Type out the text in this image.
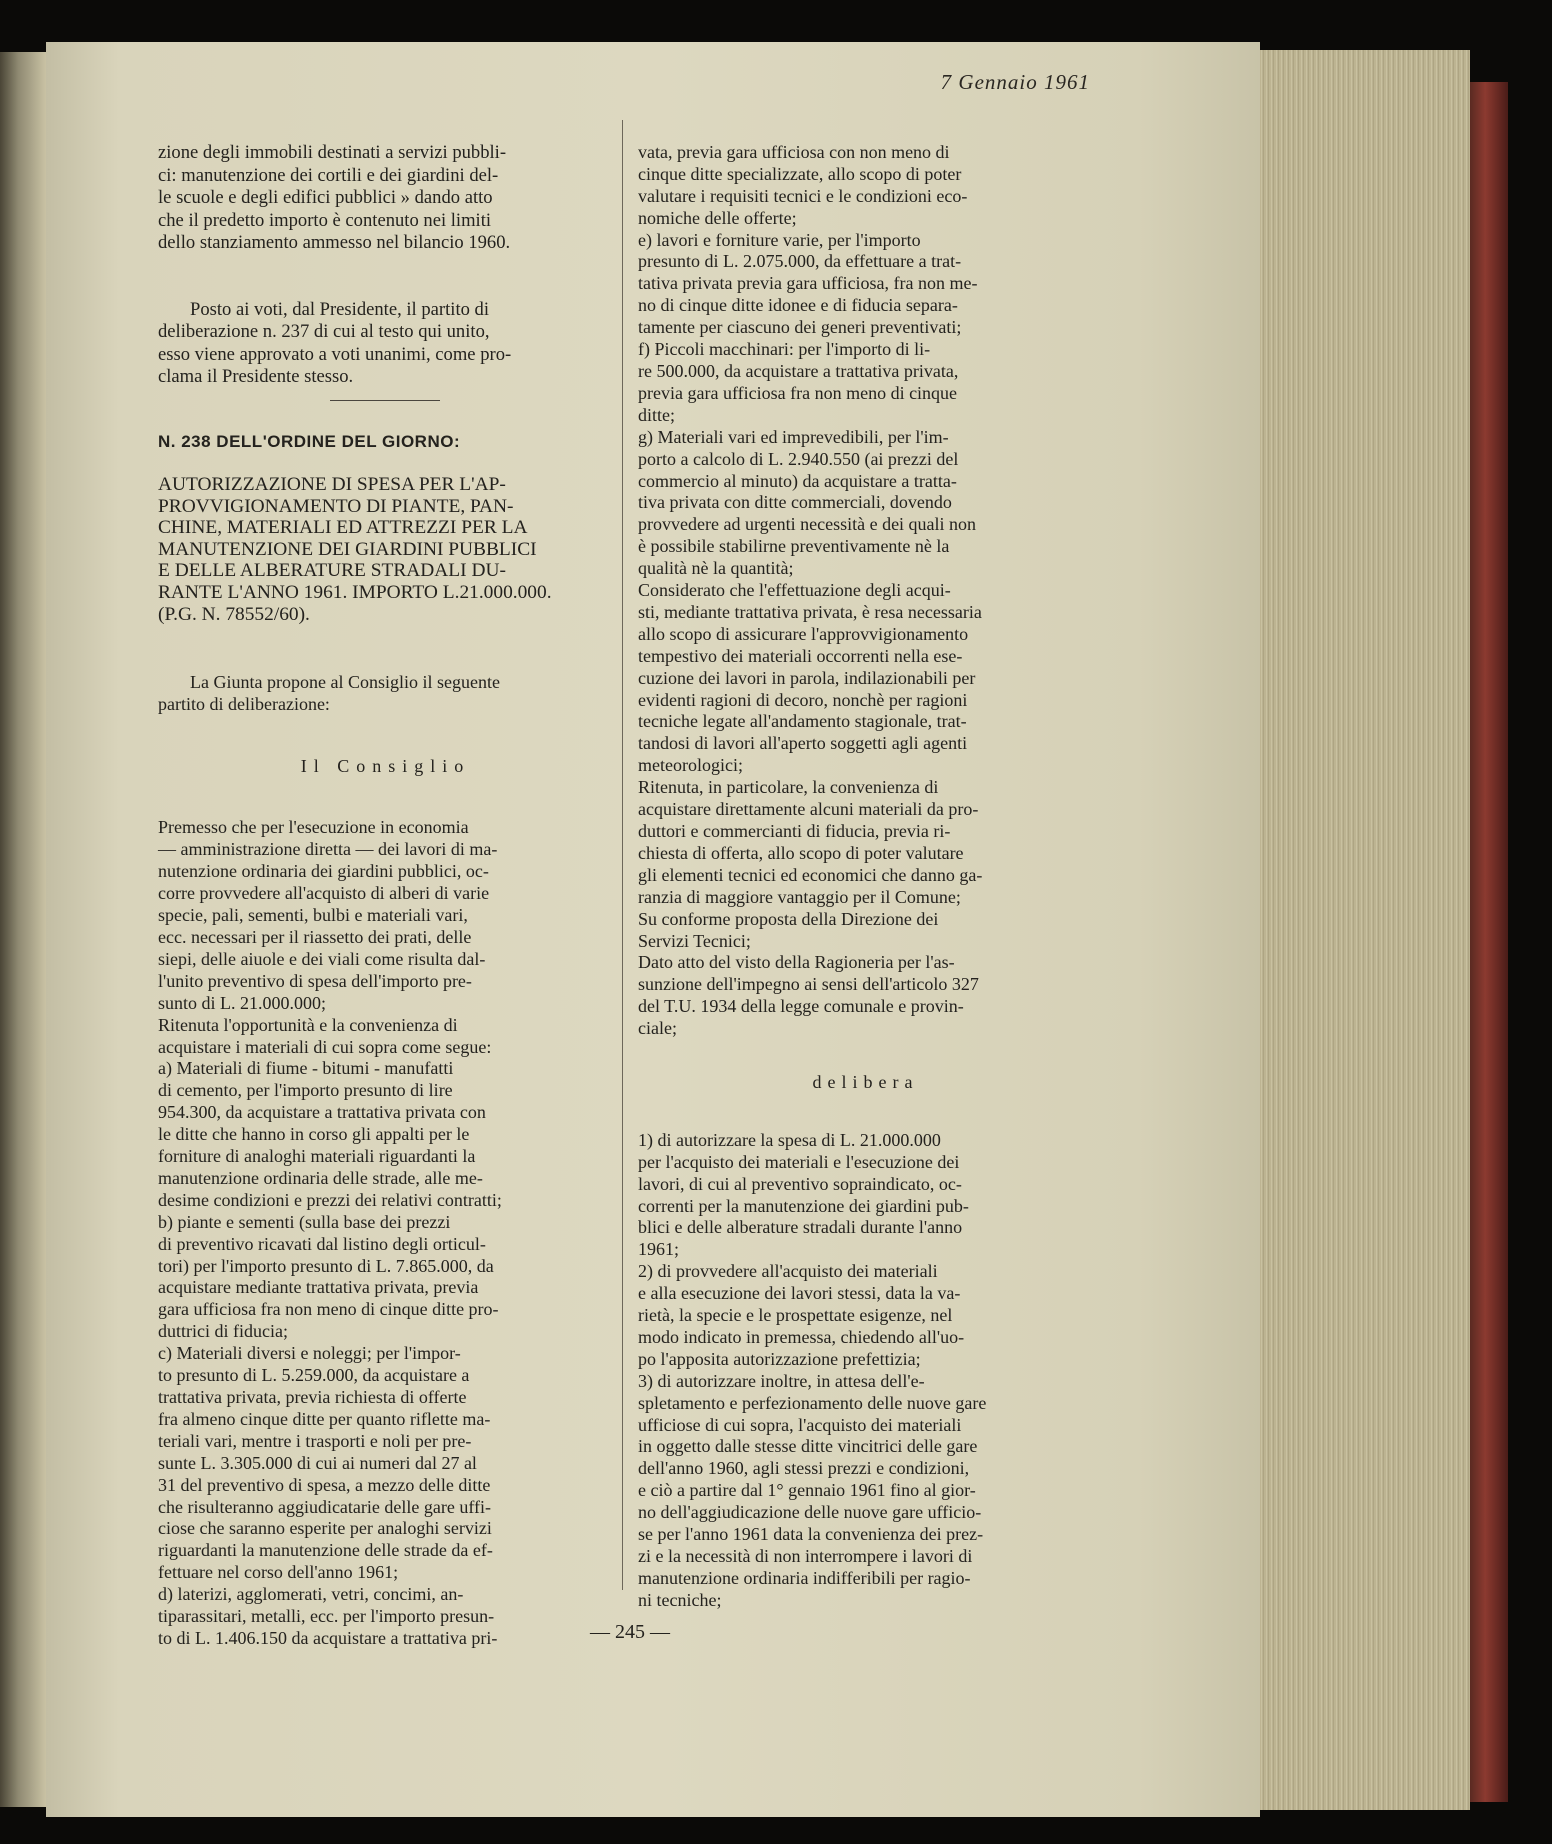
7 Gennaio 1961

zione degli immobili destinati a servizi pubbli-
ci: manutenzione dei cortili e dei giardini del-
le scuole e degli edifici pubblici » dando atto
che il predetto importo è contenuto nei limiti
dello stanziamento ammesso nel bilancio 1960.

Posto ai voti, dal Presidente, il partito di
deliberazione n. 237 di cui al testo qui unito,
esso viene approvato a voti unanimi, come pro-
clama il Presidente stesso.

N. 238 DELL'ORDINE DEL GIORNO:
AUTORIZZAZIONE DI SPESA PER L'AP-
PROVVIGIONAMENTO DI PIANTE, PAN-
CHINE, MATERIALI ED ATTREZZI PER LA
MANUTENZIONE DEI GIARDINI PUBBLICI
E DELLE ALBERATURE STRADALI DU-
RANTE L'ANNO 1961. IMPORTO L.21.000.000.
(P.G. N. 78552/60).

La Giunta propone al Consiglio il seguente
partito di deliberazione:

Il Consiglio

Premesso che per l'esecuzione in economia
— amministrazione diretta — dei lavori di ma-
nutenzione ordinaria dei giardini pubblici, oc-
corre provvedere all'acquisto di alberi di varie
specie, pali, sementi, bulbi e materiali vari,
ecc. necessari per il riassetto dei prati, delle
siepi, delle aiuole e dei viali come risulta dal-
l'unito preventivo di spesa dell'importo pre-
sunto di L. 21.000.000;
Ritenuta l'opportunità e la convenienza di
acquistare i materiali di cui sopra come segue:
a) Materiali di fiume - bitumi - manufatti
di cemento, per l'importo presunto di lire
954.300, da acquistare a trattativa privata con
le ditte che hanno in corso gli appalti per le
forniture di analoghi materiali riguardanti la
manutenzione ordinaria delle strade, alle me-
desime condizioni e prezzi dei relativi contratti;
b) piante e sementi (sulla base dei prezzi
di preventivo ricavati dal listino degli orticul-
tori) per l'importo presunto di L. 7.865.000, da
acquistare mediante trattativa privata, previa
gara ufficiosa fra non meno di cinque ditte pro-
duttrici di fiducia;
c) Materiali diversi e noleggi; per l'impor-
to presunto di L. 5.259.000, da acquistare a
trattativa privata, previa richiesta di offerte
fra almeno cinque ditte per quanto riflette ma-
teriali vari, mentre i trasporti e noli per pre-
sunte L. 3.305.000 di cui ai numeri dal 27 al
31 del preventivo di spesa, a mezzo delle ditte
che risulteranno aggiudicatarie delle gare uffi-
ciose che saranno esperite per analoghi servizi
riguardanti la manutenzione delle strade da ef-
fettuare nel corso dell'anno 1961;
d) laterizi, agglomerati, vetri, concimi, an-
tiparassitari, metalli, ecc. per l'importo presun-
to di L. 1.406.150 da acquistare a trattativa pri-

vata, previa gara ufficiosa con non meno di
cinque ditte specializzate, allo scopo di poter
valutare i requisiti tecnici e le condizioni eco-
nomiche delle offerte;
e) lavori e forniture varie, per l'importo
presunto di L. 2.075.000, da effettuare a trat-
tativa privata previa gara ufficiosa, fra non me-
no di cinque ditte idonee e di fiducia separa-
tamente per ciascuno dei generi preventivati;
f) Piccoli macchinari: per l'importo di li-
re 500.000, da acquistare a trattativa privata,
previa gara ufficiosa fra non meno di cinque
ditte;
g) Materiali vari ed imprevedibili, per l'im-
porto a calcolo di L. 2.940.550 (ai prezzi del
commercio al minuto) da acquistare a tratta-
tiva privata con ditte commerciali, dovendo
provvedere ad urgenti necessità e dei quali non
è possibile stabilirne preventivamente nè la
qualità nè la quantità;
Considerato che l'effettuazione degli acqui-
sti, mediante trattativa privata, è resa necessaria
allo scopo di assicurare l'approvvigionamento
tempestivo dei materiali occorrenti nella ese-
cuzione dei lavori in parola, indilazionabili per
evidenti ragioni di decoro, nonchè per ragioni
tecniche legate all'andamento stagionale, trat-
tandosi di lavori all'aperto soggetti agli agenti
meteorologici;
Ritenuta, in particolare, la convenienza di
acquistare direttamente alcuni materiali da pro-
duttori e commercianti di fiducia, previa ri-
chiesta di offerta, allo scopo di poter valutare
gli elementi tecnici ed economici che danno ga-
ranzia di maggiore vantaggio per il Comune;
Su conforme proposta della Direzione dei
Servizi Tecnici;
Dato atto del visto della Ragioneria per l'as-
sunzione dell'impegno ai sensi dell'articolo 327
del T.U. 1934 della legge comunale e provin-
ciale;

delibera

1) di autorizzare la spesa di L. 21.000.000
per l'acquisto dei materiali e l'esecuzione dei
lavori, di cui al preventivo sopraindicato, oc-
correnti per la manutenzione dei giardini pub-
blici e delle alberature stradali durante l'anno
1961;
2) di provvedere all'acquisto dei materiali
e alla esecuzione dei lavori stessi, data la va-
rietà, la specie e le prospettate esigenze, nel
modo indicato in premessa, chiedendo all'uo-
po l'apposita autorizzazione prefettizia;
3) di autorizzare inoltre, in attesa dell'e-
spletamento e perfezionamento delle nuove gare
ufficiose di cui sopra, l'acquisto dei materiali
in oggetto dalle stesse ditte vincitrici delle gare
dell'anno 1960, agli stessi prezzi e condizioni,
e ciò a partire dal 1° gennaio 1961 fino al gior-
no dell'aggiudicazione delle nuove gare ufficio-
se per l'anno 1961 data la convenienza dei prez-
zi e la necessità di non interrompere i lavori di
manutenzione ordinaria indifferibili per ragio-
ni tecniche;

— 245 —
